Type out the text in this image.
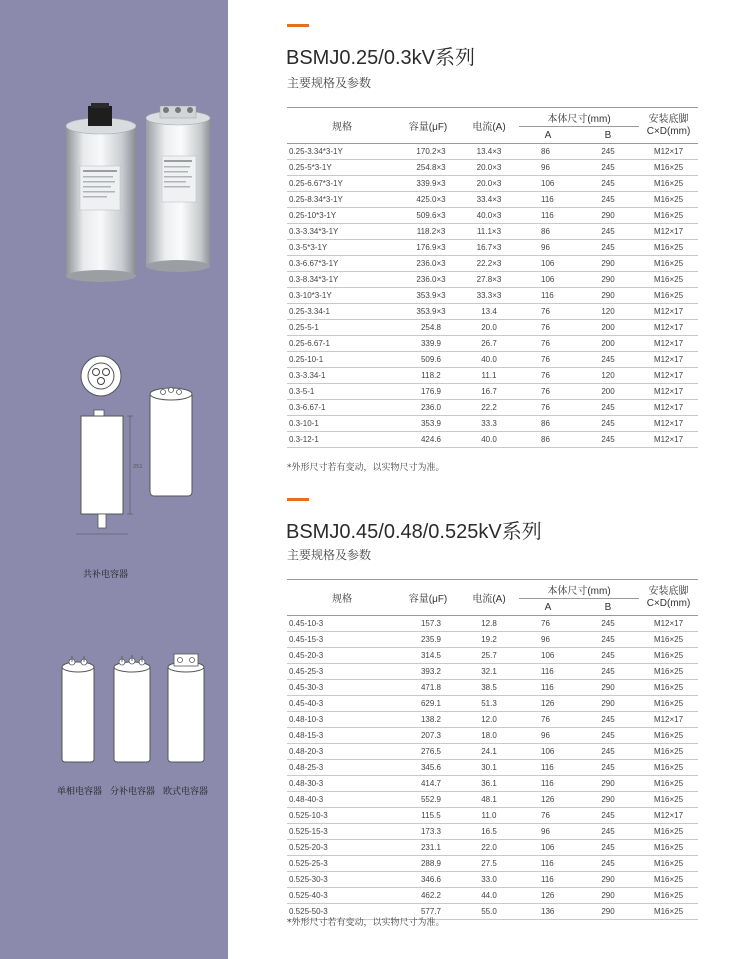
251
共补电容器
单相电容器 分补电容器 欧式电容器
BSMJ0.25/0.3kV系列
主要规格及参数
规格	容量(μF)	电流(A)	本体尺寸(mm)		安装底脚
C×D(mm)

			A	B	
0.25-3.34*3-1Y	170.2×3	13.4×3	86	245	M12×17
0.25-5*3-1Y	254.8×3	20.0×3	96	245	M16×25
0.25-6.67*3-1Y	339.9×3	20.0×3	106	245	M16×25
0.25-8.34*3-1Y	425.0×3	33.4×3	116	245	M16×25
0.25-10*3-1Y	509.6×3	40.0×3	116	290	M16×25
0.3-3.34*3-1Y	118.2×3	11.1×3	86	245	M12×17
0.3-5*3-1Y	176.9×3	16.7×3	96	245	M16×25
0.3-6.67*3-1Y	236.0×3	22.2×3	106	290	M16×25
0.3-8.34*3-1Y	236.0×3	27.8×3	106	290	M16×25
0.3-10*3-1Y	353.9×3	33.3×3	116	290	M16×25
0.25-3.34-1	353.9×3	13.4	76	120	M12×17
0.25-5-1	254.8	20.0	76	200	M12×17
0.25-6.67-1	339.9	26.7	76	200	M12×17
0.25-10-1	509.6	40.0	76	245	M12×17
0.3-3.34-1	118.2	11.1	76	120	M12×17
0.3-5-1	176.9	16.7	76	200	M12×17
0.3-6.67-1	236.0	22.2	76	245	M12×17
0.3-10-1	353.9	33.3	86	245	M12×17
0.3-12-1	424.6	40.0	86	245	M12×17
*外形尺寸若有变动，以实物尺寸为准。
BSMJ0.45/0.48/0.525kV系列
主要规格及参数
规格	容量(μF)	电流(A)	本体尺寸(mm)		安装底脚
C×D(mm)

			A	B	
0.45-10-3	157.3	12.8	76	245	M12×17
0.45-15-3	235.9	19.2	96	245	M16×25
0.45-20-3	314.5	25.7	106	245	M16×25
0.45-25-3	393.2	32.1	116	245	M16×25
0.45-30-3	471.8	38.5	116	290	M16×25
0.45-40-3	629.1	51.3	126	290	M16×25
0.48-10-3	138.2	12.0	76	245	M12×17
0.48-15-3	207.3	18.0	96	245	M16×25
0.48-20-3	276.5	24.1	106	245	M16×25
0.48-25-3	345.6	30.1	116	245	M16×25
0.48-30-3	414.7	36.1	116	290	M16×25
0.48-40-3	552.9	48.1	126	290	M16×25
0.525-10-3	115.5	11.0	76	245	M12×17
0.525-15-3	173.3	16.5	96	245	M16×25
0.525-20-3	231.1	22.0	106	245	M16×25
0.525-25-3	288.9	27.5	116	245	M16×25
0.525-30-3	346.6	33.0	116	290	M16×25
0.525-40-3	462.2	44.0	126	290	M16×25
0.525-50-3	577.7	55.0	136	290	M16×25
*外形尺寸若有变动，以实物尺寸为准。
